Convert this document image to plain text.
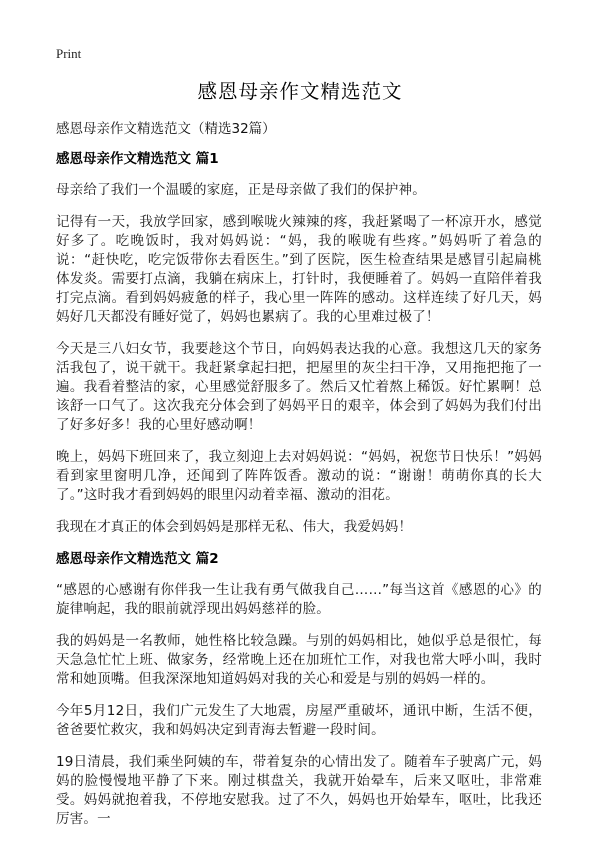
Print
感恩母亲作文精选范文

感恩母亲作文精选范文（精选32篇）

感恩母亲作文精选范文 篇1

母亲给了我们一个温暖的家庭，正是母亲做了我们的保护神。

记得有一天，我放学回家，感到喉咙火辣辣的疼，我赶紧喝了一杯凉开水，感觉好多了。吃晚饭时，我对妈妈说：“妈，我的喉咙有些疼。”妈妈听了着急的说：“赶快吃，吃完饭带你去看医生。”到了医院，医生检查结果是感冒引起扁桃体发炎。需要打点滴，我躺在病床上，打针时，我便睡着了。妈妈一直陪伴着我打完点滴。看到妈妈疲惫的样子，我心里一阵阵的感动。这样连续了好几天，妈妈好几天都没有睡好觉了，妈妈也累病了。我的心里难过极了！

今天是三八妇女节，我要趁这个节日，向妈妈表达我的心意。我想这几天的家务活我包了，说干就干。我赶紧拿起扫把，把屋里的灰尘扫干净，又用拖把拖了一遍。我看着整洁的家，心里感觉舒服多了。然后又忙着熬上稀饭。好忙累啊！总该舒一口气了。这次我充分体会到了妈妈平日的艰辛，体会到了妈妈为我们付出了好多好多！我的心里好感动啊！

晚上，妈妈下班回来了，我立刻迎上去对妈妈说：“妈妈，祝您节日快乐！”妈妈看到家里窗明几净，还闻到了阵阵饭香。激动的说：“谢谢！萌萌你真的长大了。”这时我才看到妈妈的眼里闪动着幸福、激动的泪花。

我现在才真正的体会到妈妈是那样无私、伟大，我爱妈妈！

感恩母亲作文精选范文 篇2

“感恩的心感谢有你伴我一生让我有勇气做我自己……”每当这首《感恩的心》的旋律响起，我的眼前就浮现出妈妈慈祥的脸。

我的妈妈是一名教师，她性格比较急躁。与别的妈妈相比，她似乎总是很忙，每天急急忙忙上班、做家务，经常晚上还在加班忙工作，对我也常大呼小叫，我时常和她顶嘴。但我深深地知道妈妈对我的关心和爱是与别的妈妈一样的。

今年5月12日，我们广元发生了大地震，房屋严重破坏，通讯中断，生活不便，爸爸要忙救灾，我和妈妈决定到青海去暂避一段时间。

19日清晨，我们乘坐阿姨的车，带着复杂的心情出发了。随着车子驶离广元，妈妈的脸慢慢地平静了下来。刚过棋盘关，我就开始晕车，后来又呕吐，非常难受。妈妈就抱着我，不停地安慰我。过了不久，妈妈也开始晕车，呕吐，比我还厉害。一
